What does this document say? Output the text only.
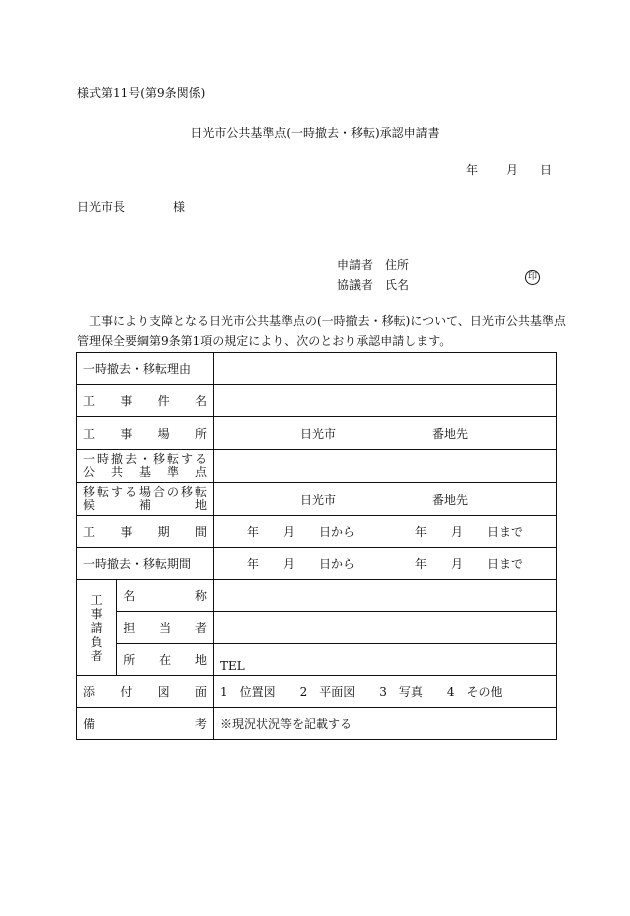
様式第11号(第9条関係)
日光市公共基準点(一時撤去・移転)承認申請書
年 月 日
日光市長　　　　様
申請者　 住所
協議者　 氏名
印
工事により支障となる日光市公共基準点の(一時撤去・移転)について、日光市公共基準点管理保全要綱第9条第1項の規定により、次のとおり承認申請します。
一時撤去・移転理由		

工事件名		

工事場所		日光市 番地先

一時撤去・移転する
公共基準点		

移転する場合の移転
候補地		日光市 番地先

工事期間		年　　月　　日から　　　　　年　　月　　日まで

一時撤去・移転期間		年　　月　　日から　　　　　年　　月　　日まで

工事請負者	名称	

	担当者	

	所在地	TEL

添付図面		1　位置図　　2　平面図　　3　写真　　4　その他

備考		※現況状況等を記載する
